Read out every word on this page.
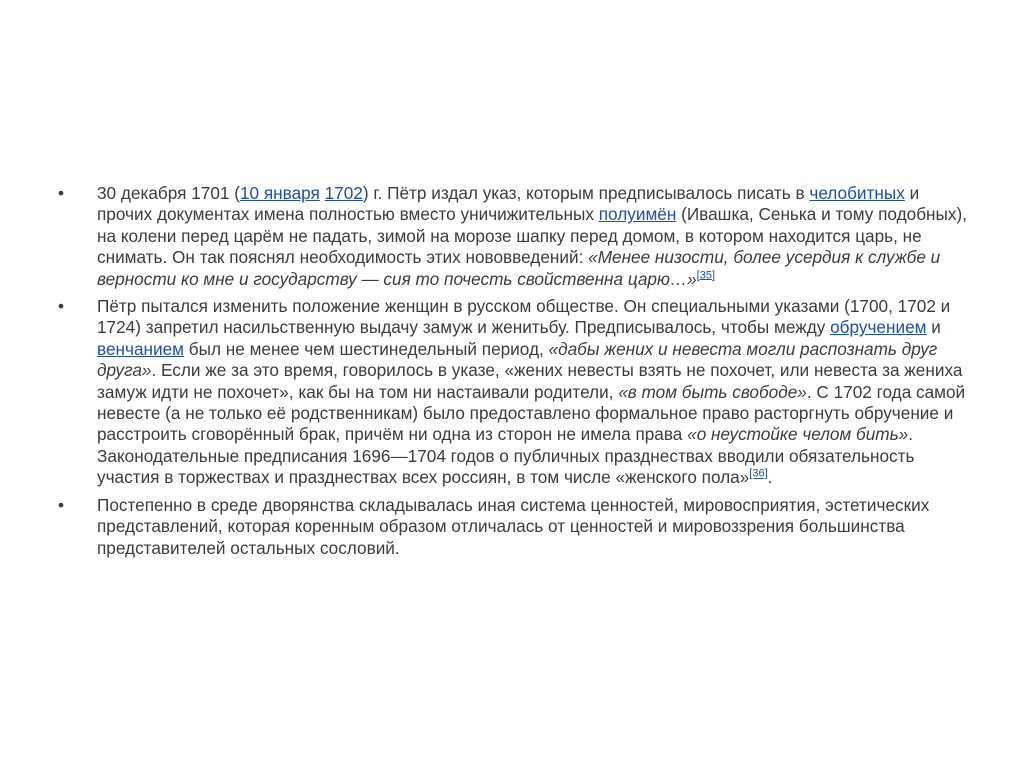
• 30 декабря 1701 (10 января 1702) г. Пётр издал указ, которым предписывалось писать в челобитных и прочих документах имена полностью вместо уничижительных полуимён (Ивашка, Сенька и тому подобных), на колени перед царём не падать, зимой на морозе шапку перед домом, в котором находится царь, не снимать. Он так пояснял необходимость этих нововведений: «Менее низости, более усердия к службе и верности ко мне и государству — сия то почесть свойственна царю…»[35]
• Пётр пытался изменить положение женщин в русском обществе. Он специальными указами (1700, 1702 и 1724) запретил насильственную выдачу замуж и женитьбу. Предписывалось, чтобы между обручением и венчанием был не менее чем шестинедельный период, «дабы жених и невеста могли распознать друг друга». Если же за это время, говорилось в указе, «жених невесты взять не похочет, или невеста за жениха замуж идти не похочет», как бы на том ни настаивали родители, «в том быть свободе». С 1702 года самой невесте (а не только её родственникам) было предоставлено формальное право расторгнуть обручение и расстроить сговорённый брак, причём ни одна из сторон не имела права «о неустойке челом бить». Законодательные предписания 1696—1704 годов о публичных празднествах вводили обязательность участия в торжествах и празднествах всех россиян, в том числе «женского пола»[36].
• Постепенно в среде дворянства складывалась иная система ценностей, мировосприятия, эстетических представлений, которая коренным образом отличалась от ценностей и мировоззрения большинства представителей остальных сословий.
